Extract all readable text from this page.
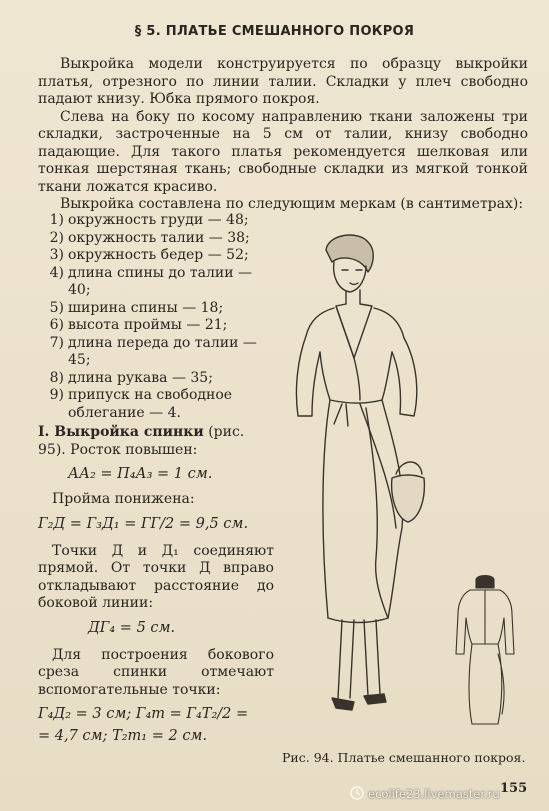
§ 5. ПЛАТЬЕ СМЕШАННОГО ПОКРОЯ

Выкройка модели конструируется по образцу выкройки платья, отрезного по линии талии. Складки у плеч свободно падают книзу. Юбка прямого покроя.

Слева на боку по косому направлению ткани заложены три складки, застроченные на 5 см от талии, книзу свободно падающие. Для такого платья рекомендуется шелковая или тонкая шерстяная ткань; свободные складки из мягкой тонкой ткани ложатся красиво.

Выкройка составлена по следующим меркам (в сантиметрах):

1) окружность груди — 48;
2) окружность талии — 38;
3) окружность бедер — 52;
4) длина спины до талии — 40;
5) ширина спины — 18;
6) высота проймы — 21;
7) длина переда до талии — 45;
8) длина рукава — 35;
9) припуск на свободное облегание — 4.

I. Выкройка спинки (рис. 95). Росток повышен:

АА₂ = П₄А₃ = 1 см.

Пройма понижена:

Г₂Д = Г₃Д₁ = ГГ/2 = 9,5 см.

Точки Д и Д₁ соединяют прямой. От точки Д вправо откладывают расстояние до боковой линии:

ДГ₄ = 5 см.

Для построения бокового среза спинки отмечают вспомогательные точки:

Г₄Д₂ = 3 см; Г₄т = Г₄Т₂/2 =

= 4,7 см; Т₂т₁ = 2 см.

Рис. 94. Платье смешанного покроя.
155
ecolife23.livemaster.ru
